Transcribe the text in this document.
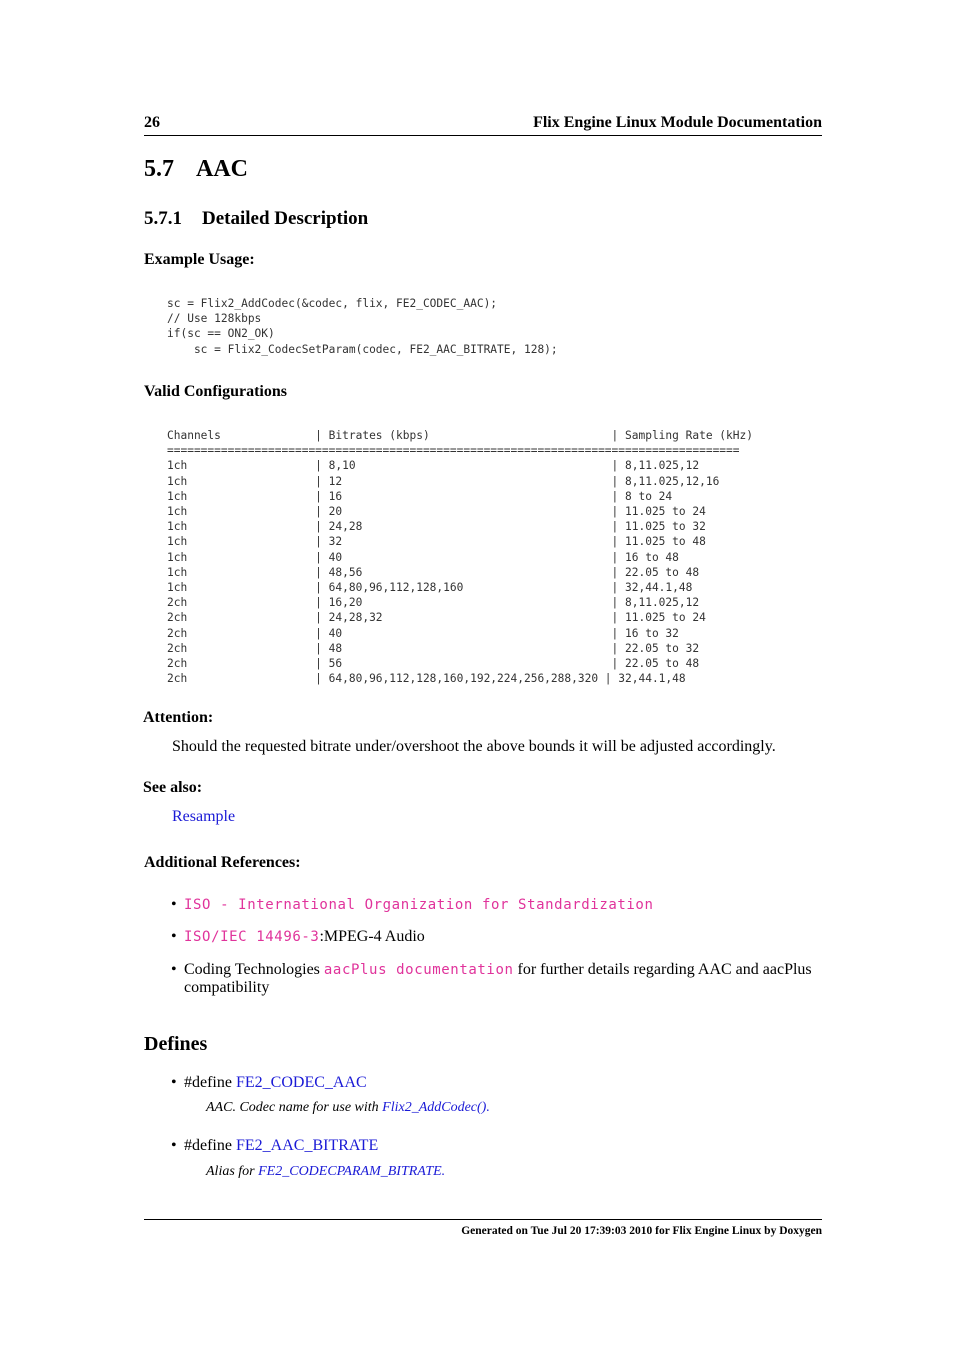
26	Flix Engine Linux Module Documentation
5.7 AAC
5.7.1 Detailed Description
Example Usage:
sc = Flix2_AddCodec(&codec, flix, FE2_CODEC_AAC);
// Use 128kbps
if(sc == ON2_OK)
sc = Flix2_CodecSetParam(codec, FE2_AAC_BITRATE, 128);
Valid Configurations
Channels              | Bitrates (kbps)                           | Sampling Rate (kHz)
=====================================================================================
1ch                   | 8,10                                      | 8,11.025,12
1ch                   | 12                                        | 8,11.025,12,16
1ch                   | 16                                        | 8 to 24
1ch                   | 20                                        | 11.025 to 24
1ch                   | 24,28                                     | 11.025 to 32
1ch                   | 32                                        | 11.025 to 48
1ch                   | 40                                        | 16 to 48
1ch                   | 48,56                                     | 22.05 to 48
1ch                   | 64,80,96,112,128,160                      | 32,44.1,48
2ch                   | 16,20                                     | 8,11.025,12
2ch                   | 24,28,32                                  | 11.025 to 24
2ch                   | 40                                        | 16 to 32
2ch                   | 48                                        | 22.05 to 32
2ch                   | 56                                        | 22.05 to 48
2ch                   | 64,80,96,112,128,160,192,224,256,288,320 | 32,44.1,48
Attention:
Should the requested bitrate under/overshoot the above bounds it will be adjusted accordingly.
See also:
Resample
Additional References:
• ISO - International Organization for Standardization
• ISO/IEC 14496-3:MPEG-4 Audio
• Coding Technologies aacPlus documentation for further details regarding AAC and aacPlus
compatibility
Defines
• #define FE2_CODEC_AAC
AAC. Codec name for use with Flix2_AddCodec().
• #define FE2_AAC_BITRATE
Alias for FE2_CODECPARAM_BITRATE.
Generated on Tue Jul 20 17:39:03 2010 for Flix Engine Linux by Doxygen
